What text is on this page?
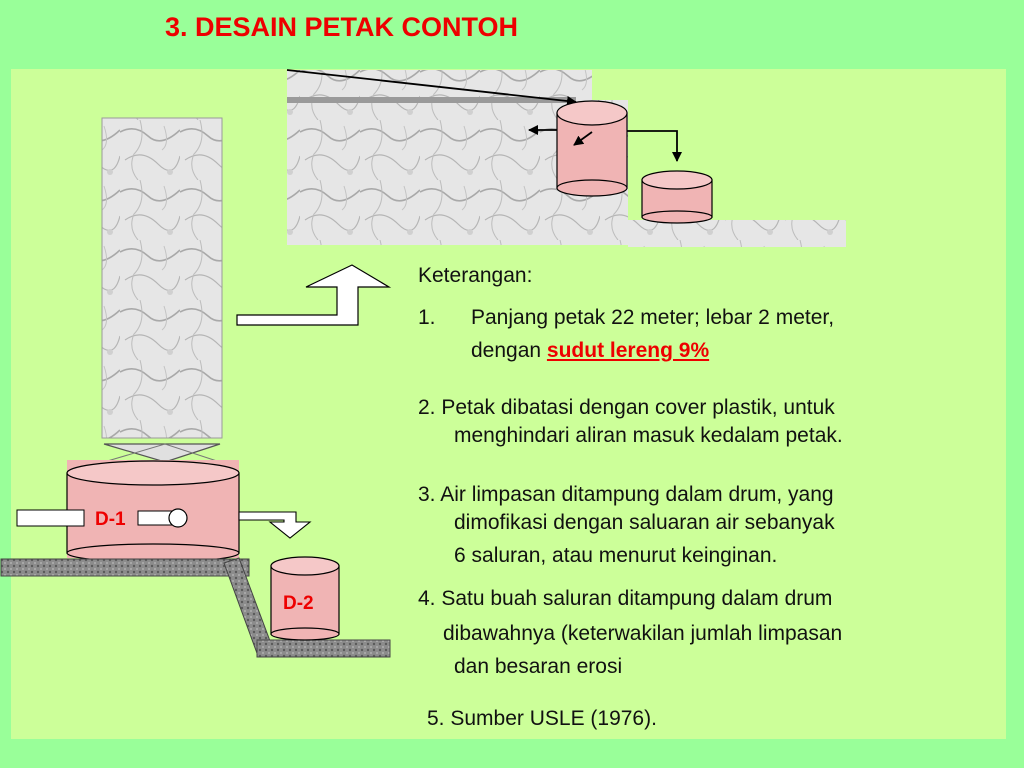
3. DESAIN PETAK CONTOH
D-1
D-2

Keterangan:

1. Panjang petak 22 meter; lebar 2 meter,

dengan sudut lereng 9%

2. Petak dibatasi dengan cover plastik, untuk

menghindari aliran masuk kedalam petak.

3. Air limpasan ditampung dalam drum, yang

dimofikasi dengan saluaran air sebanyak

6 saluran, atau menurut keinginan.

4. Satu buah saluran ditampung dalam drum

dibawahnya (keterwakilan jumlah limpasan

dan besaran erosi

5. Sumber USLE (1976).
